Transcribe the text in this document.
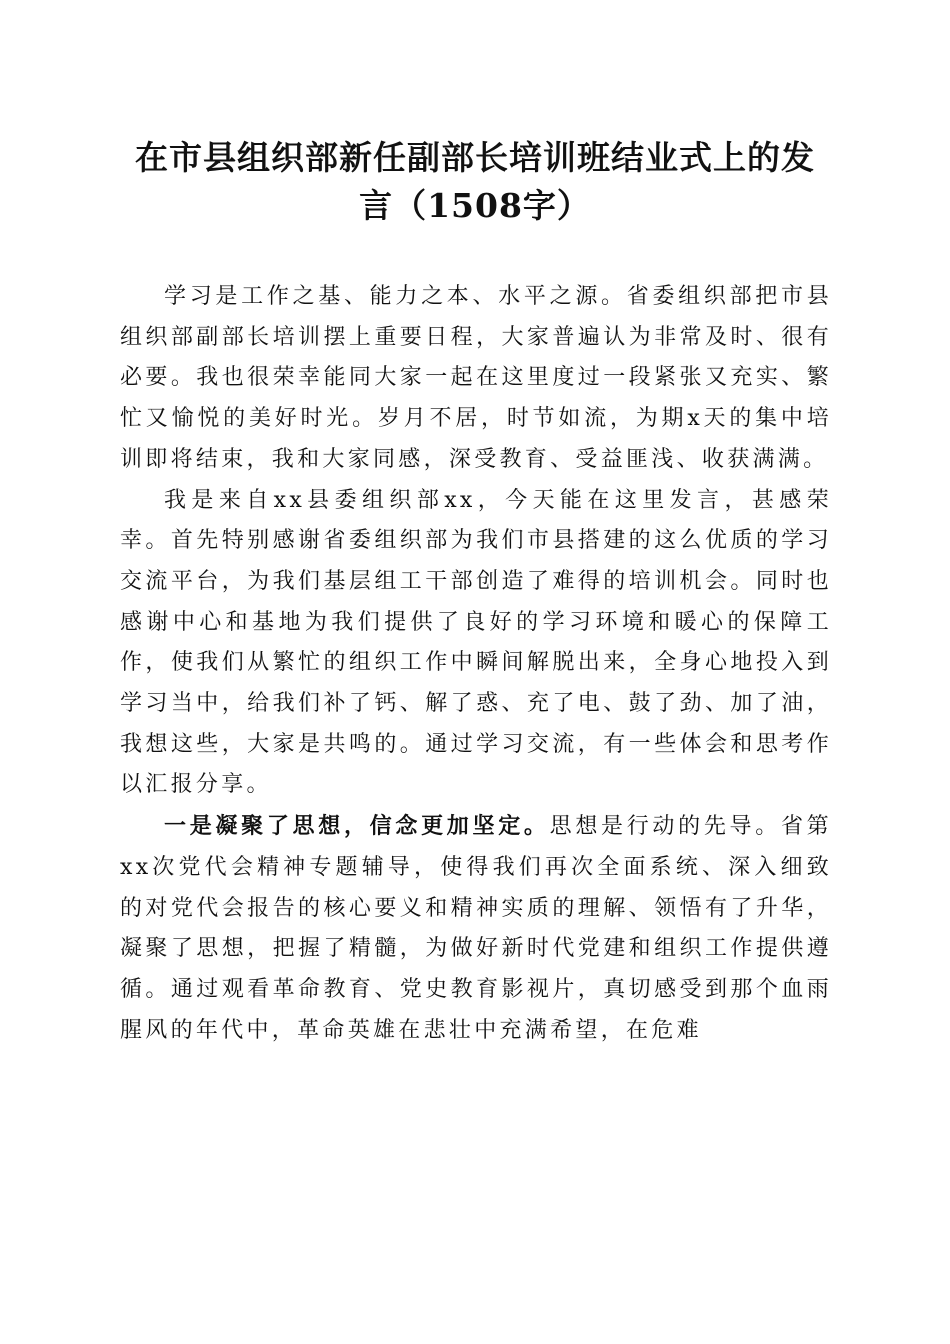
在市县组织部新任副部长培训班结业式上的发
言（1508字）

学习是工作之基、能力之本、水平之源。省委组织部把市县组织部副部长培训摆上重要日程，大家普遍认为非常及时、很有必要。我也很荣幸能同大家一起在这里度过一段紧张又充实、繁忙又愉悦的美好时光。岁月不居，时节如流，为期x天的集中培训即将结束，我和大家同感，深受教育、受益匪浅、收获满满。

我是来自xx县委组织部xx，今天能在这里发言，甚感荣幸。首先特别感谢省委组织部为我们市县搭建的这么优质的学习交流平台，为我们基层组工干部创造了难得的培训机会。同时也感谢中心和基地为我们提供了良好的学习环境和暖心的保障工作，使我们从繁忙的组织工作中瞬间解脱出来，全身心地投入到学习当中，给我们补了钙、解了惑、充了电、鼓了劲、加了油，我想这些，大家是共鸣的。通过学习交流，有一些体会和思考作以汇报分享。

一是凝聚了思想，信念更加坚定。思想是行动的先导。省第xx次党代会精神专题辅导，使得我们再次全面系统、深入细致的对党代会报告的核心要义和精神实质的理解、领悟有了升华，凝聚了思想，把握了精髓，为做好新时代党建和组织工作提供遵循。通过观看革命教育、党史教育影视片，真切感受到那个血雨腥风的年代中，革命英雄在悲壮中充满希望，在危难
